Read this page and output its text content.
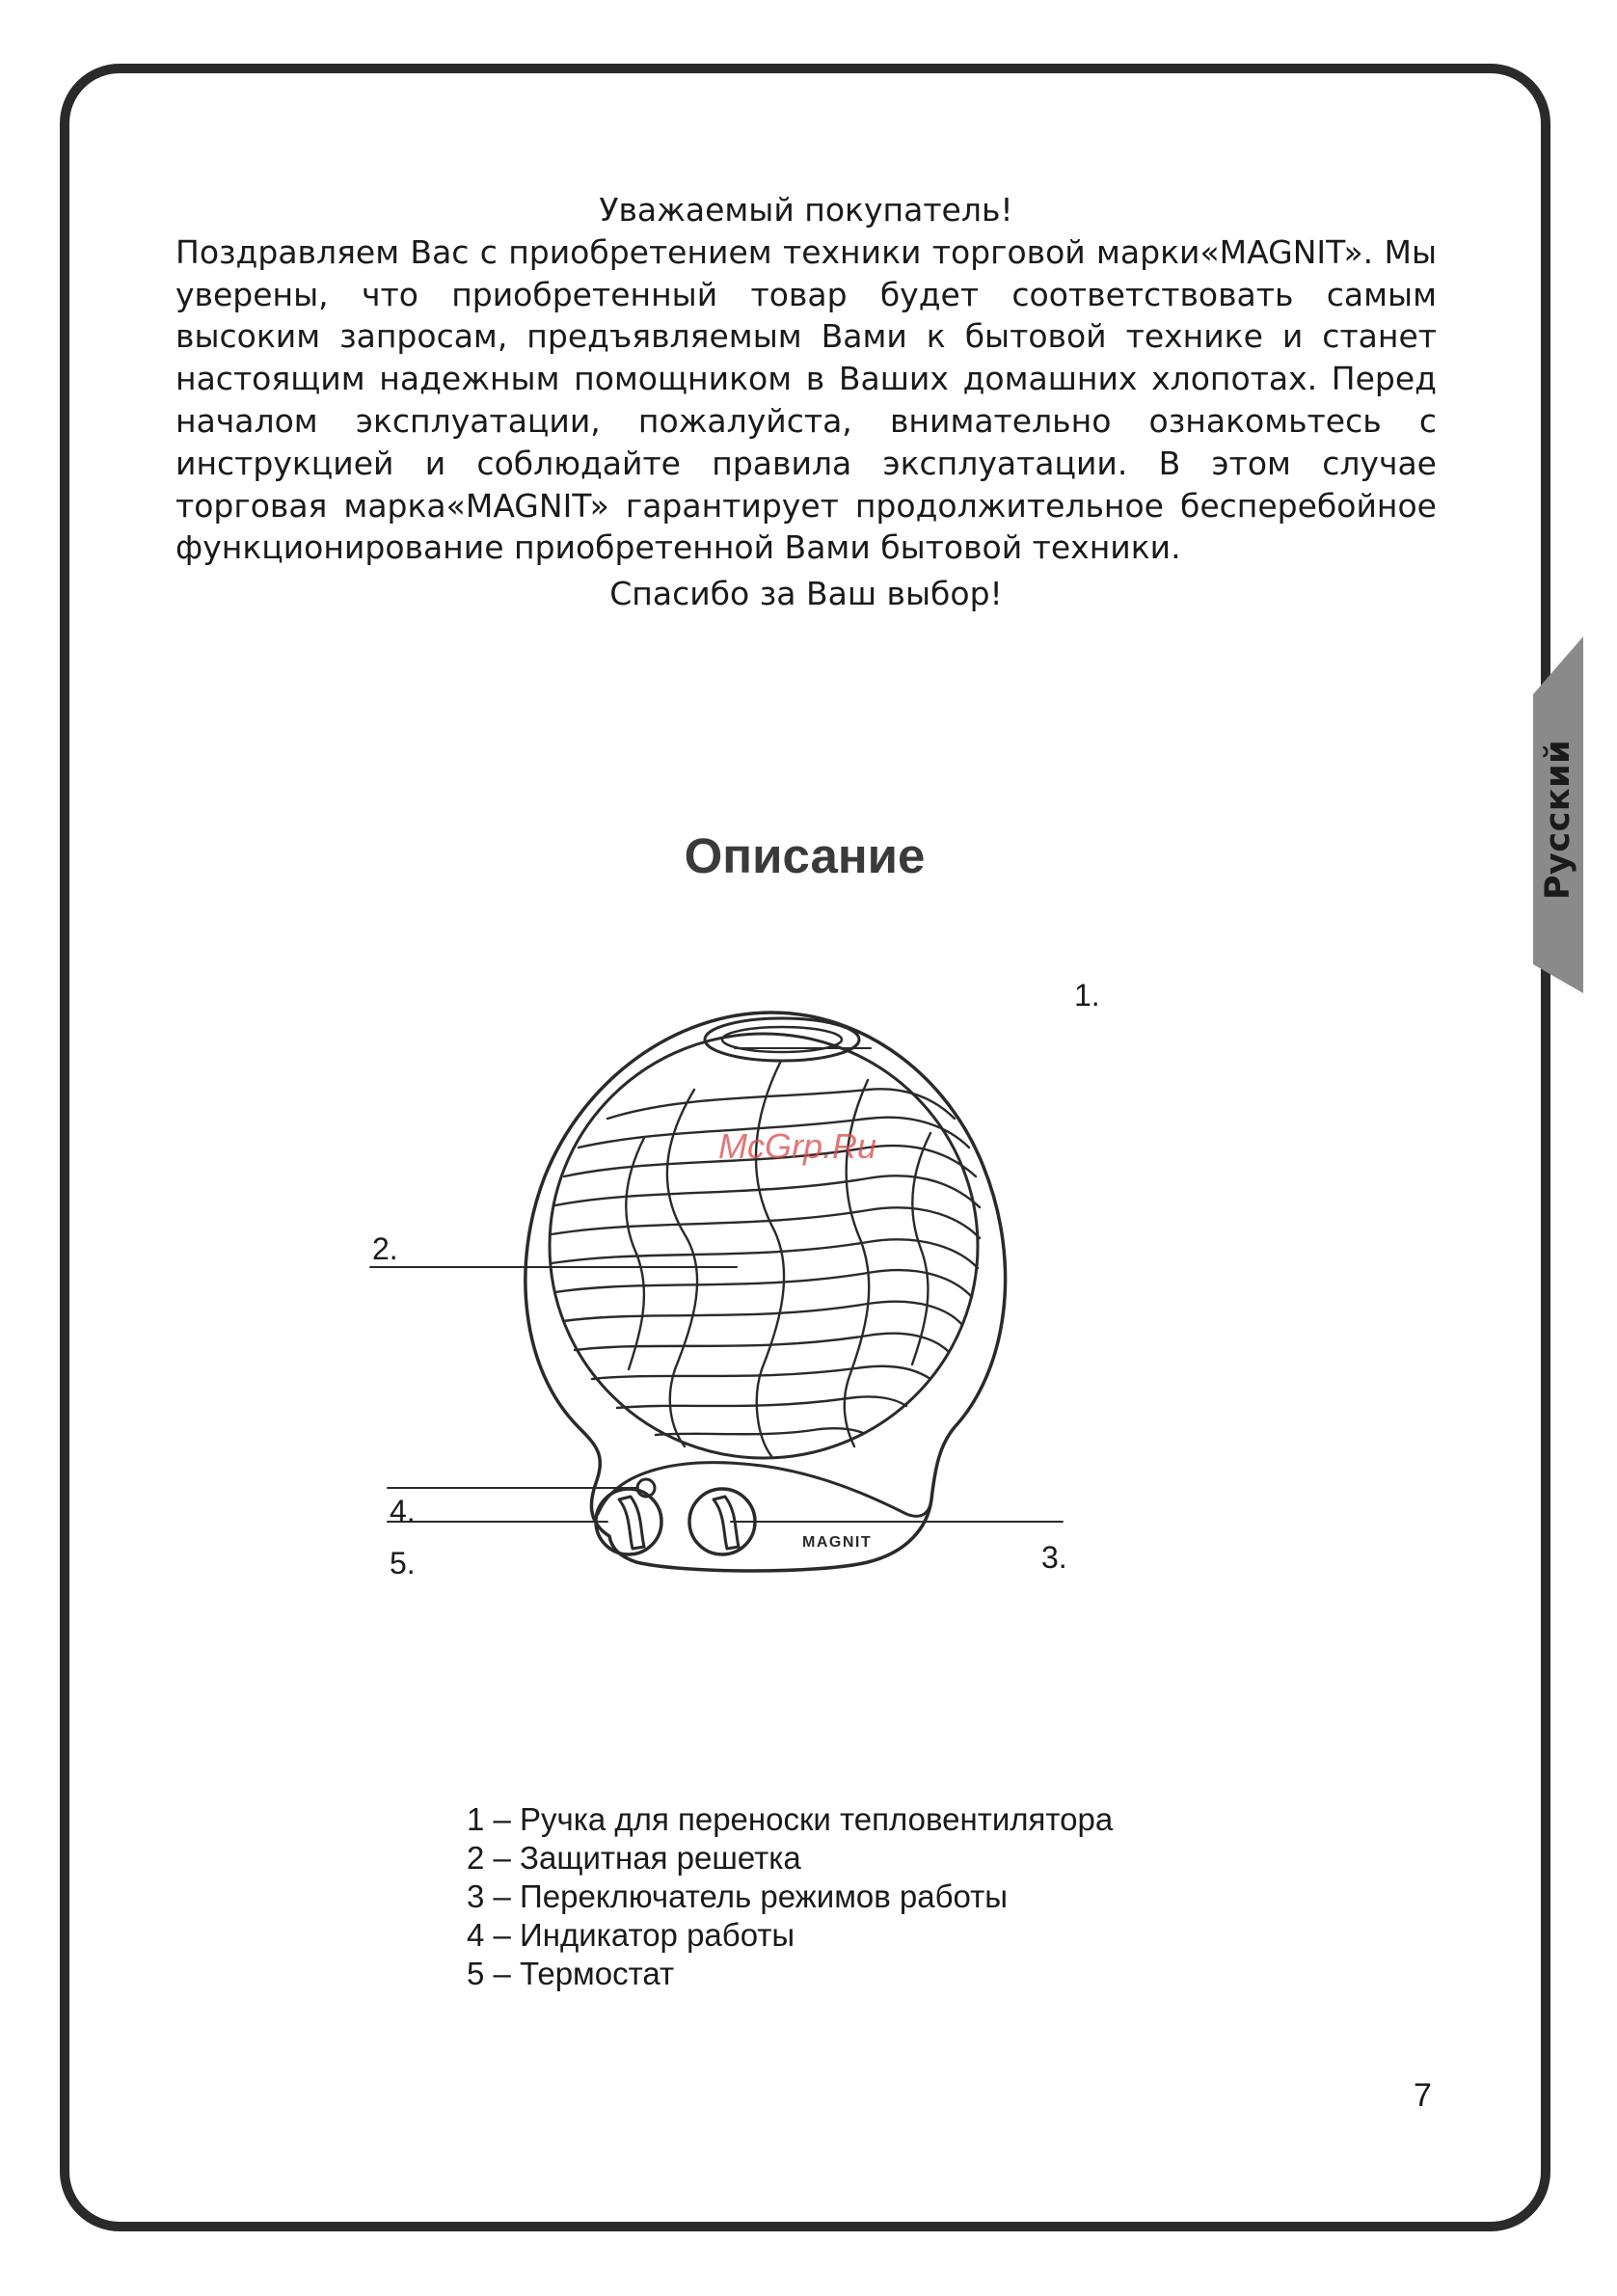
Русский
Уважаемый покупатель!
Поздравляем Вас с приобретением техники торговой марки«MAGNIT». Мы уверены, что приобретенный товар будет соответствовать самым высоким запросам, предъявляемым Вами к бытовой технике и станет настоящим надежным помощником в Ваших домашних хлопотах. Перед началом эксплуатации, пожалуйста, внимательно ознакомьтесь с инструкцией и соблюдайте правила эксплуатации. В этом случае торговая марка«MAGNIT» гарантирует продолжительное бесперебойное функционирование приобретенной Вами бытовой техники.
Спасибо за Ваш выбор!
Описание
MAGNIT
1.
2.
3.
4.
5.
McGrp.Ru
1 – Ручка для переноски тепловентилятора
2 – Защитная решетка
3 – Переключатель режимов работы
4 – Индикатор работы
5 – Термостат
7
